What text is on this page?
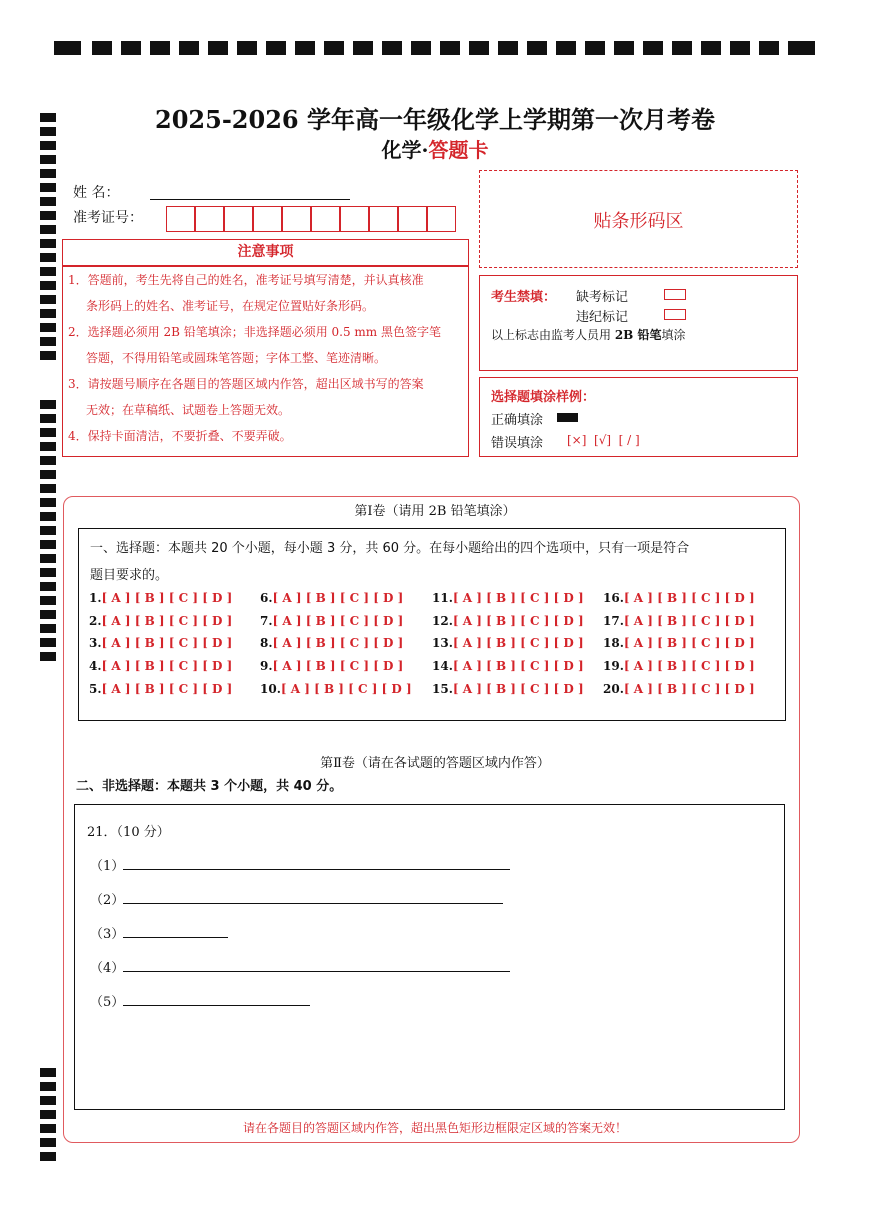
2025-2026 学年高一年级化学上学期第一次月考卷
化学·答题卡
姓 名：
准考证号：	贴条形码区
注意事项
1．答题前，考生先将自己的姓名，准考证号填写清楚，并认真核准
条形码上的姓名、准考证号，在规定位置贴好条形码。
2．选择题必须用 2B 铅笔填涂；非选择题必须用 0.5 mm 黑色签字笔
答题，不得用铅笔或圆珠笔答题；字体工整、笔迹清晰。
3．请按题号顺序在各题目的答题区域内作答，超出区域书写的答案
无效；在草稿纸、试题卷上答题无效。
4．保持卡面清洁，不要折叠、不要弄破。
考生禁填： 缺考标记
违纪标记
以上标志由监考人员用 2B 铅笔填涂
选择题填涂样例：
正确填涂
错误填涂 [×]  [√]  [ / ]
第Ⅰ卷（请用 2B 铅笔填涂）
一、选择题：本题共 20 个小题，每小题 3 分，共 60 分。在每小题给出的四个选项中，只有一项是符合
题目要求的。
1.[ A ] [ B ] [ C ] [ D ]
2.[ A ] [ B ] [ C ] [ D ]
3.[ A ] [ B ] [ C ] [ D ]
4.[ A ] [ B ] [ C ] [ D ]
5.[ A ] [ B ] [ C ] [ D ]
6.[ A ] [ B ] [ C ] [ D ]
7.[ A ] [ B ] [ C ] [ D ]
8.[ A ] [ B ] [ C ] [ D ]
9.[ A ] [ B ] [ C ] [ D ]
10.[ A ] [ B ] [ C ] [ D ]
11.[ A ] [ B ] [ C ] [ D ]
12.[ A ] [ B ] [ C ] [ D ]
13.[ A ] [ B ] [ C ] [ D ]
14.[ A ] [ B ] [ C ] [ D ]
15.[ A ] [ B ] [ C ] [ D ]
16.[ A ] [ B ] [ C ] [ D ]
17.[ A ] [ B ] [ C ] [ D ]
18.[ A ] [ B ] [ C ] [ D ]
19.[ A ] [ B ] [ C ] [ D ]
20.[ A ] [ B ] [ C ] [ D ]
第Ⅱ卷（请在各试题的答题区域内作答）
二、非选择题：本题共 3 个小题，共 40 分。
21．（10 分）
（1）
（2）
（3）
（4）
（5）
请在各题目的答题区域内作答，超出黑色矩形边框限定区域的答案无效！
